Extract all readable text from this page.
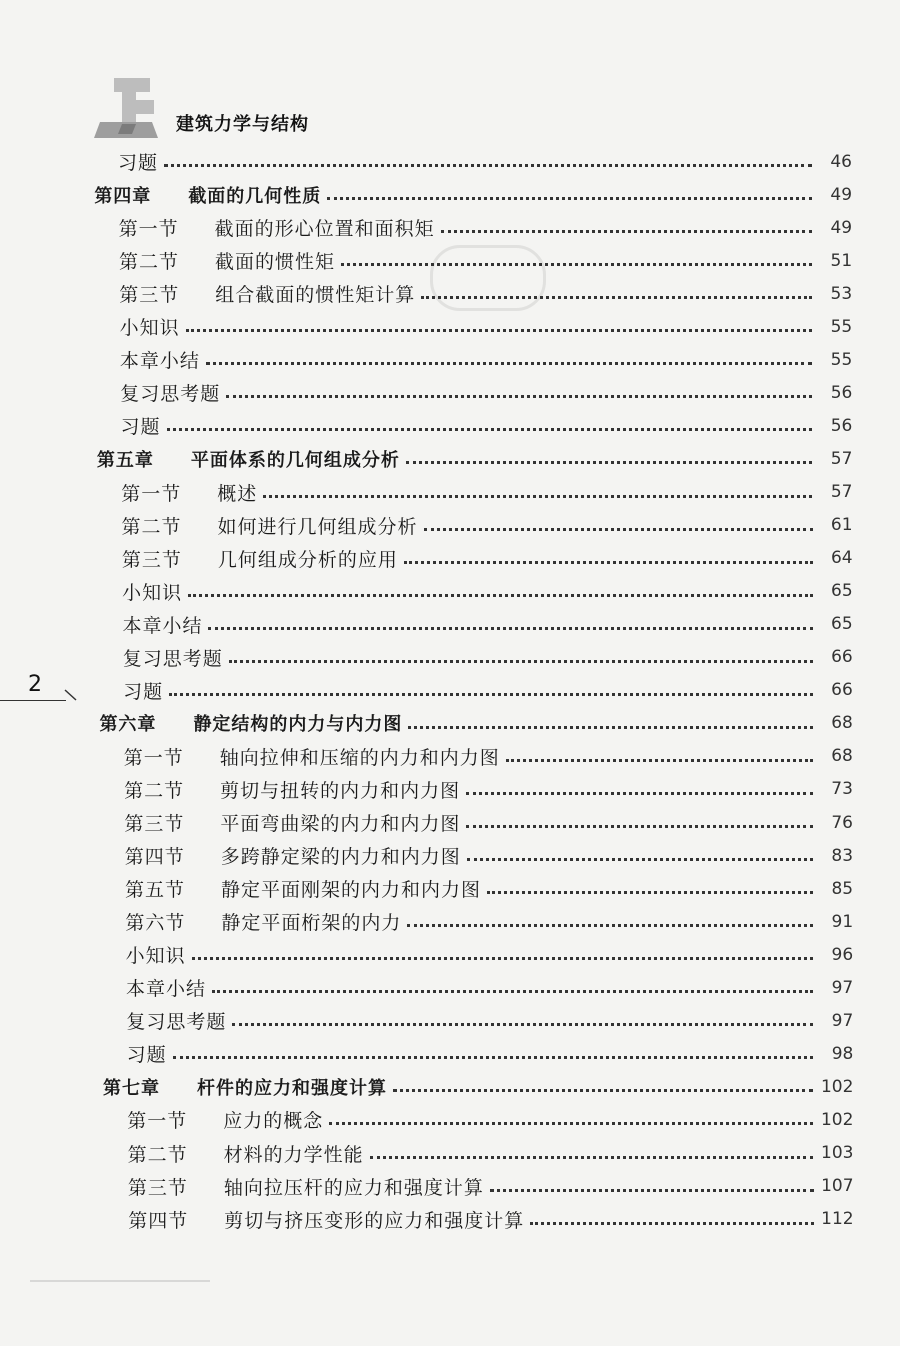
建筑力学与结构
习题	46
第四章 截面的几何性质	49
第一节 截面的形心位置和面积矩	49
第二节 截面的惯性矩	51
第三节 组合截面的惯性矩计算	53
小知识	55
本章小结	55
复习思考题	56
习题	56
第五章 平面体系的几何组成分析	57
第一节 概述	57
第二节 如何进行几何组成分析	61
第三节 几何组成分析的应用	64
小知识	65
本章小结	65
复习思考题	66
习题	66
第六章 静定结构的内力与内力图	68
第一节 轴向拉伸和压缩的内力和内力图	68
第二节 剪切与扭转的内力和内力图	73
第三节 平面弯曲梁的内力和内力图	76
第四节 多跨静定梁的内力和内力图	83
第五节 静定平面刚架的内力和内力图	85
第六节 静定平面桁架的内力	91
小知识	96
本章小结	97
复习思考题	97
习题	98
第七章 杆件的应力和强度计算	102
第一节 应力的概念	102
第二节 材料的力学性能	103
第三节 轴向拉压杆的应力和强度计算	107
第四节 剪切与挤压变形的应力和强度计算	112
2
